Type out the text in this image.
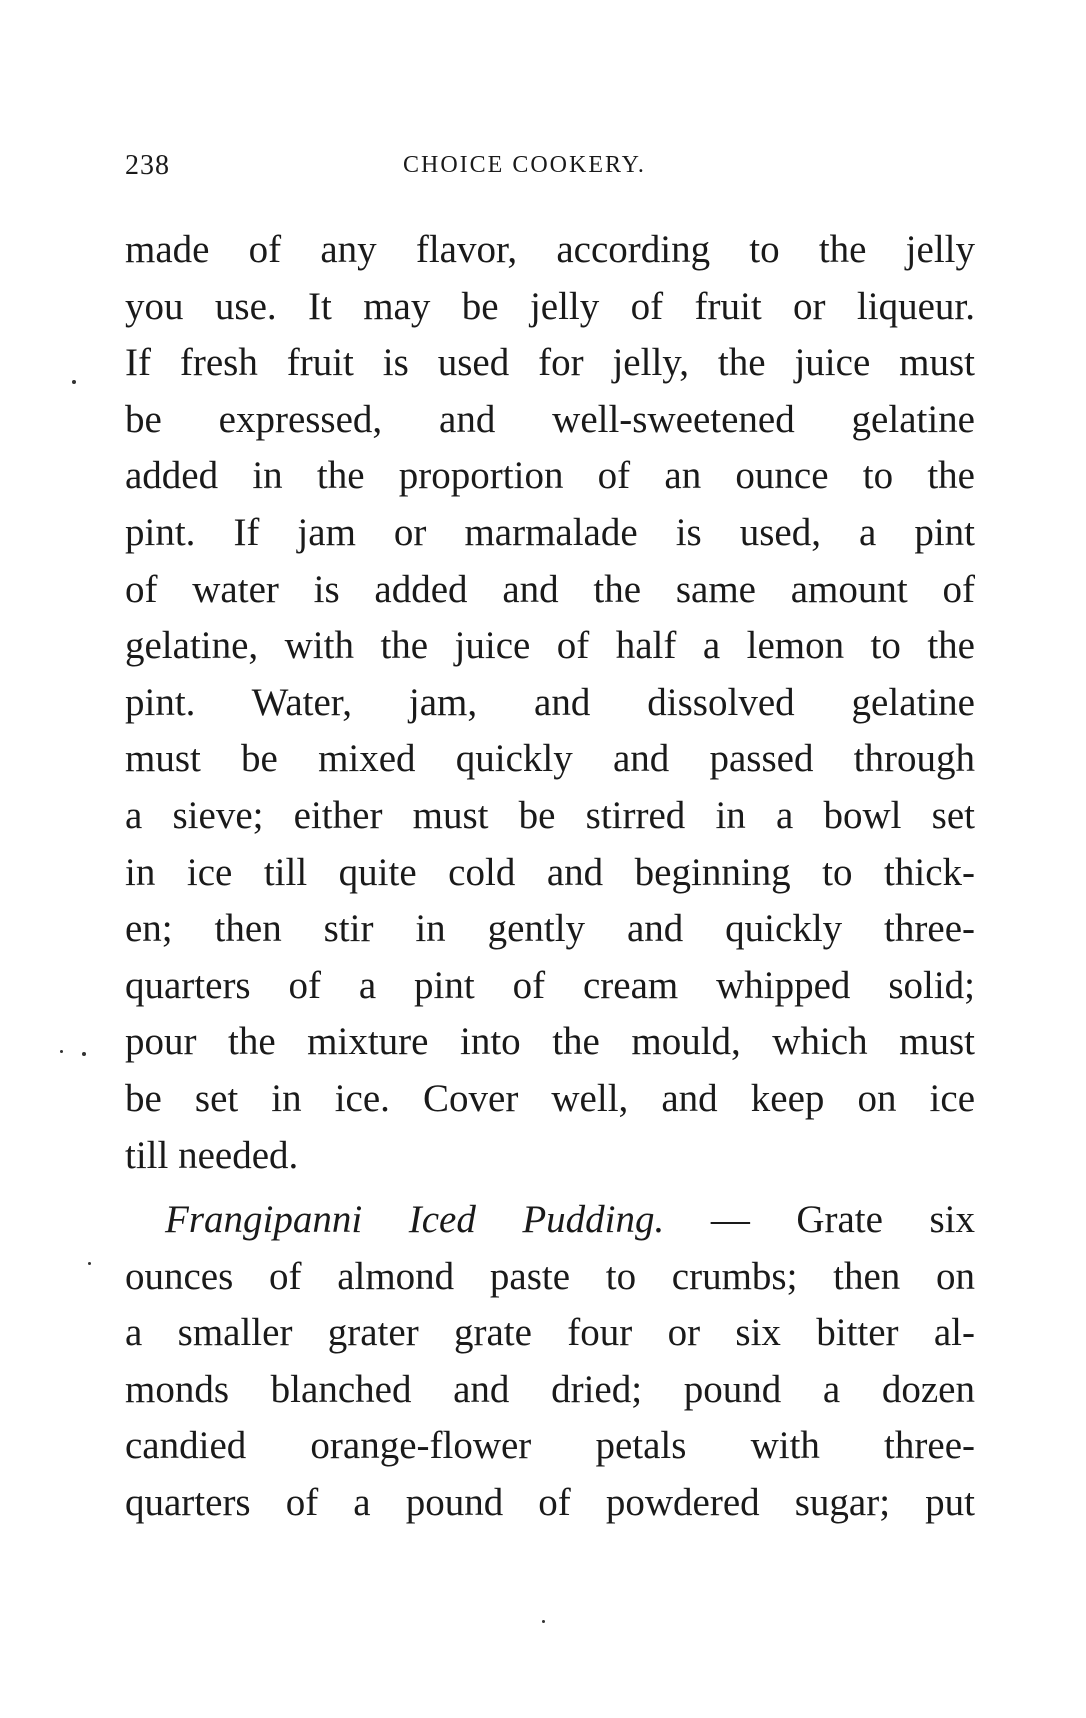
238	CHOICE COOKERY.
made of any flavor, according to the jelly
you use. It may be jelly of fruit or liqueur.
If fresh fruit is used for jelly, the juice must
be expressed, and well-sweetened gelatine
added in the proportion of an ounce to the
pint. If jam or marmalade is used, a pint
of water is added and the same amount of
gelatine, with the juice of half a lemon to the
pint. Water, jam, and dissolved gelatine
must be mixed quickly and passed through
a sieve; either must be stirred in a bowl set
in ice till quite cold and beginning to thick-
en; then stir in gently and quickly three-
quarters of a pint of cream whipped solid;
pour the mixture into the mould, which must
be set in ice. Cover well, and keep on ice
till needed.
Frangipanni Iced Pudding. — Grate six
ounces of almond paste to crumbs; then on
a smaller grater grate four or six bitter al-
monds blanched and dried; pound a dozen
candied orange-flower petals with three-
quarters of a pound of powdered sugar; put
